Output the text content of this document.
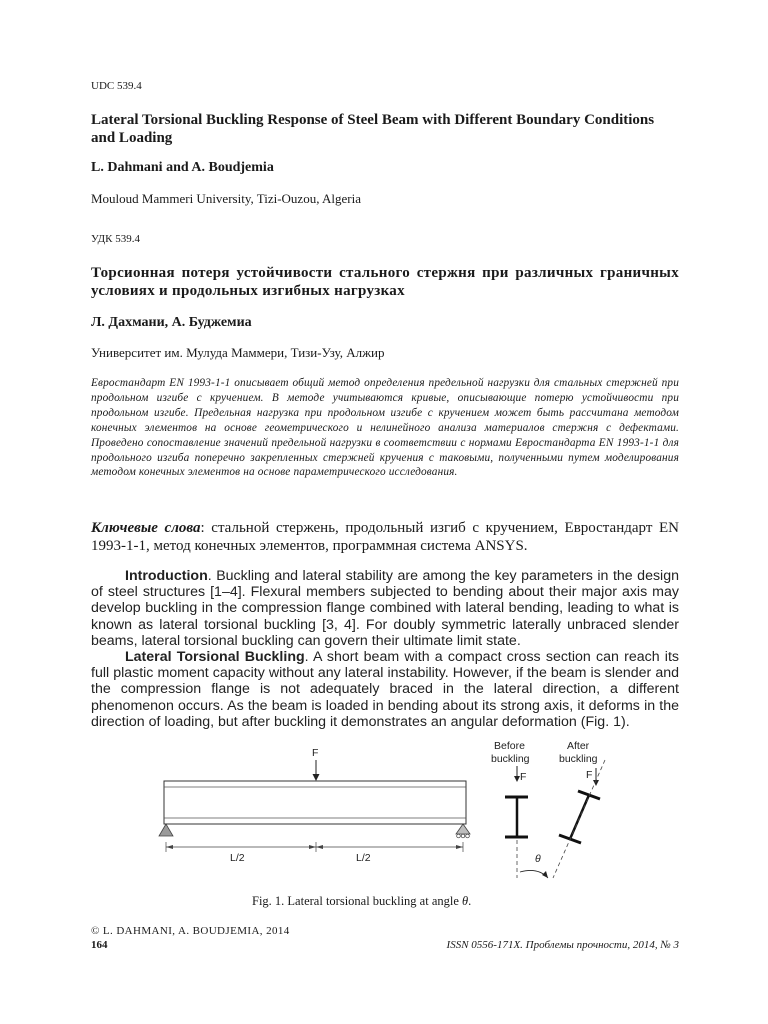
UDC 539.4
Lateral Torsional Buckling Response of Steel Beam with Different Boundary Conditions and Loading
L. Dahmani and A. Boudjemia
Mouloud Mammeri University, Tizi-Ouzou, Algeria
УДК 539.4
Торсионная потеря устойчивости стального стержня при различных граничных условиях и продольных изгибных нагрузках
Л. Дахмани, А. Буджемиа
Университет им. Мулуда Маммери, Тизи-Узу, Алжир
Евростандарт EN 1993-1-1 описывает общий метод определения предельной нагрузки для стальных стержней при продольном изгибе с кручением. В методе учитываются кривые, описывающие потерю устойчивости при продольном изгибе. Предельная нагрузка при продольном изгибе с кручением может быть рассчитана методом конечных элементов на основе геометрического и нелинейного анализа материалов стержня с дефектами. Проведено сопоставление значений предельной нагрузки в соответствии с нормами Евростандарта EN 1993-1-1 для продольного изгиба поперечно закрепленных стержней кручения с таковыми, полученными путем моделирования методом конечных элементов на основе параметрического исследования.
Ключевые слова: стальной стержень, продольный изгиб с кручением, Евростандарт EN 1993-1-1, метод конечных элементов, программная система ANSYS.

Introduction. Buckling and lateral stability are among the key parameters in the design of steel structures [1–4]. Flexural members subjected to bending about their major axis may develop buckling in the compression flange combined with lateral bending, leading to what is known as lateral torsional buckling [3, 4]. For doubly symmetric laterally unbraced slender beams, lateral torsional buckling can govern their ultimate limit state.

Lateral Torsional Buckling. A short beam with a compact cross section can reach its full plastic moment capacity without any lateral instability. However, if the beam is slender and the compression flange is not adequately braced in the lateral direction, a different phenomenon occurs. As the beam is loaded in bending about its strong axis, it deforms in the direction of loading, but after buckling it demonstrates an angular deformation (Fig. 1).

F
L/2	L/2
Before
buckling
F
After
buckling
F
θ
Fig. 1. Lateral torsional buckling at angle θ.
© L. DAHMANI, A. BOUDJEMIA, 2014
164	ISSN 0556-171X. Проблемы прочности, 2014, № 3
